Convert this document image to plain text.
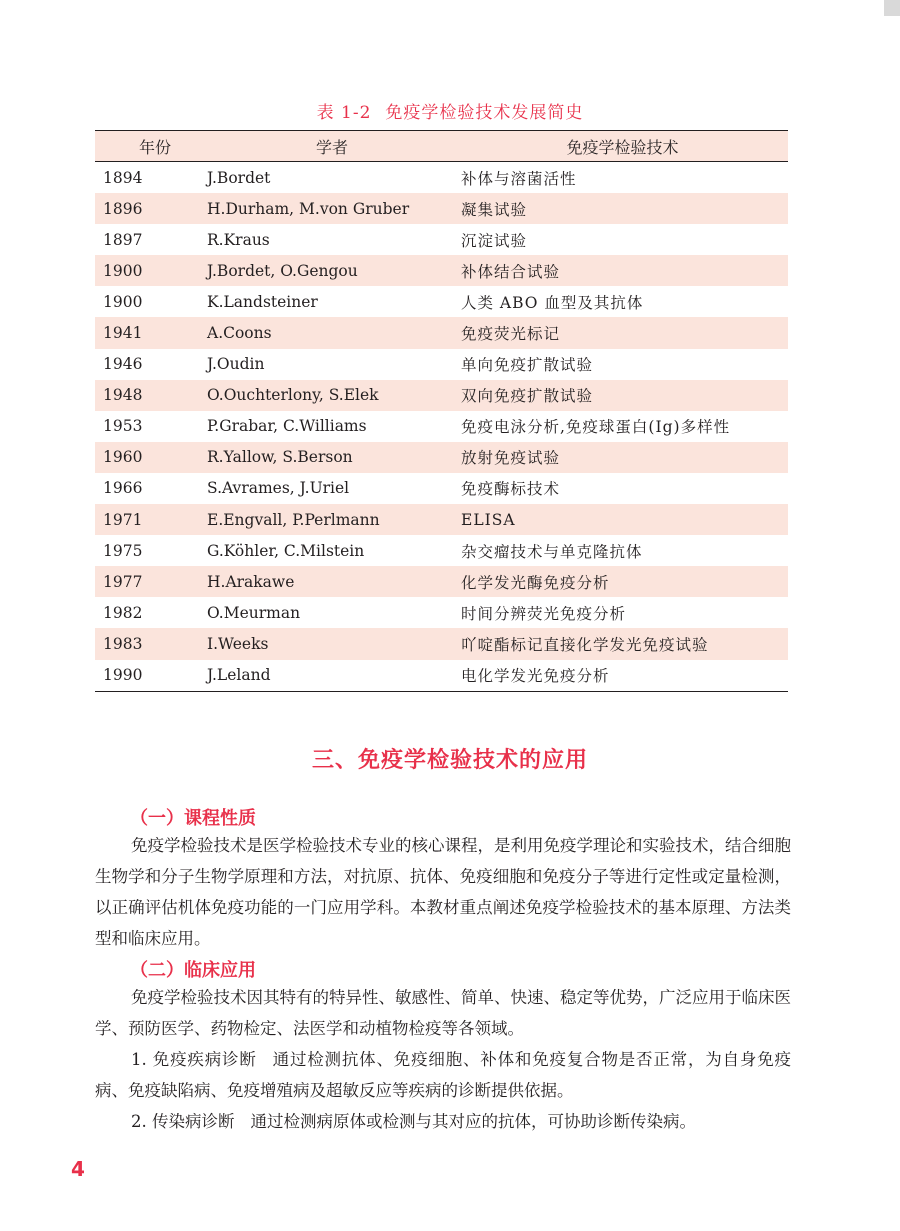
表 1-2 免疫学检验技术发展简史
年份	学者	免疫学检验技术
1894	J.Bordet	补体与溶菌活性
1896	H.Durham, M.von Gruber	凝集试验
1897	R.Kraus	沉淀试验
1900	J.Bordet, O.Gengou	补体结合试验
1900	K.Landsteiner	人类 ABO 血型及其抗体
1941	A.Coons	免疫荧光标记
1946	J.Oudin	单向免疫扩散试验
1948	O.Ouchterlony, S.Elek	双向免疫扩散试验
1953	P.Grabar, C.Williams	免疫电泳分析,免疫球蛋白(Ig)多样性
1960	R.Yallow, S.Berson	放射免疫试验
1966	S.Avrames, J.Uriel	免疫酶标技术
1971	E.Engvall, P.Perlmann	ELISA
1975	G.Köhler, C.Milstein	杂交瘤技术与单克隆抗体
1977	H.Arakawe	化学发光酶免疫分析
1982	O.Meurman	时间分辨荧光免疫分析
1983	I.Weeks	吖啶酯标记直接化学发光免疫试验
1990	J.Leland	电化学发光免疫分析
三、免疫学检验技术的应用
（一）课程性质

免疫学检验技术是医学检验技术专业的核心课程，是利用免疫学理论和实验技术，结合细胞生物学和分子生物学原理和方法，对抗原、抗体、免疫细胞和免疫分子等进行定性或定量检测，以正确评估机体免疫功能的一门应用学科。本教材重点阐述免疫学检验技术的基本原理、方法类型和临床应用。

（二）临床应用

免疫学检验技术因其特有的特异性、敏感性、简单、快速、稳定等优势，广泛应用于临床医学、预防医学、药物检定、法医学和动植物检疫等各领域。

1. 免疫疾病诊断 通过检测抗体、免疫细胞、补体和免疫复合物是否正常，为自身免疫病、免疫缺陷病、免疫增殖病及超敏反应等疾病的诊断提供依据。

2. 传染病诊断 通过检测病原体或检测与其对应的抗体，可协助诊断传染病。

4
